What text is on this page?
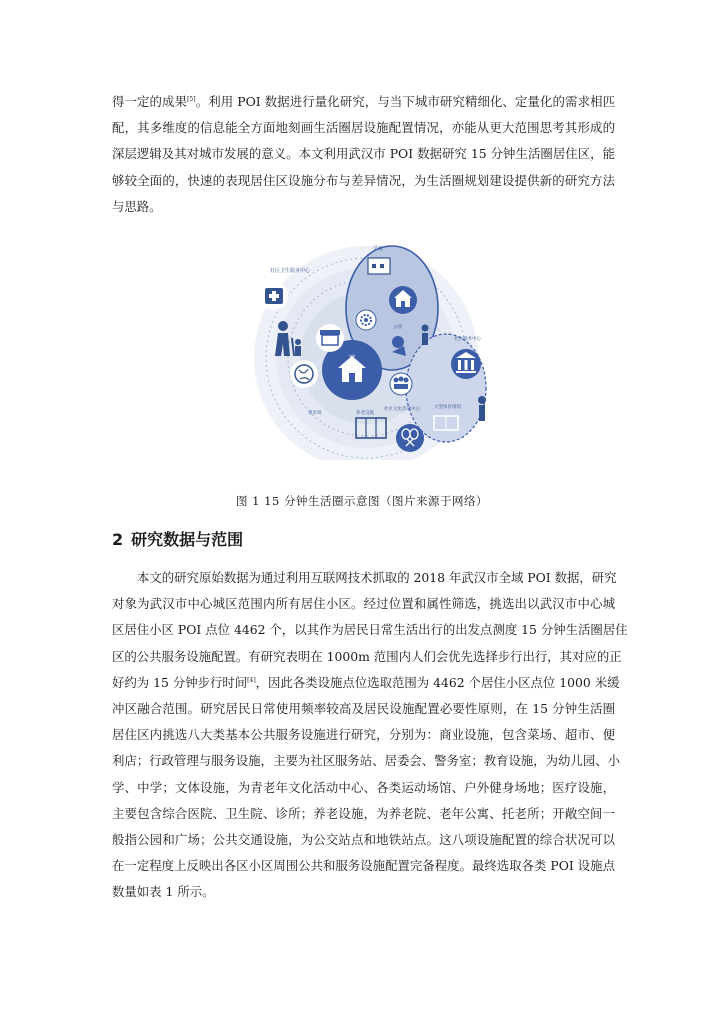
得一定的成果[5]。利用 POI 数据进行量化研究，与当下城市研究精细化、定量化的需求相匹
配，其多维度的信息能全方面地刻画生活圈居设施配置情况，亦能从更大范围思考其形成的
深层逻辑及其对城市发展的意义。本文利用武汉市 POI 数据研究 15 分钟生活圈居住区，能
够较全面的，快速的表现居住区设施分布与差异情况，为生活圈规划建设提供新的研究方法
与思路。
家
学校
社区卫生服务中心
公园
养老设施
社区文化活动中心	大型体育场馆
社区服务中心
菜市场

图 1 15 分钟生活圈示意图（图片来源于网络）

2 研究数据与范围
本文的研究原始数据为通过利用互联网技术抓取的 2018 年武汉市全域 POI 数据，研究
对象为武汉市中心城区范围内所有居住小区。经过位置和属性筛选，挑选出以武汉市中心城
区居住小区 POI 点位 4462 个，以其作为居民日常生活出行的出发点测度 15 分钟生活圈居住
区的公共服务设施配置。有研究表明在 1000m 范围内人们会优先选择步行出行，其对应的正
好约为 15 分钟步行时间[4]，因此各类设施点位选取范围为 4462 个居住小区点位 1000 米缓
冲区融合范围。研究居民日常使用频率较高及居民设施配置必要性原则，在 15 分钟生活圈
居住区内挑选八大类基本公共服务设施进行研究，分别为：商业设施，包含菜场、超市、便
利店；行政管理与服务设施，主要为社区服务站、居委会、警务室；教育设施，为幼儿园、小
学、中学；文体设施，为青老年文化活动中心、各类运动场馆、户外健身场地；医疗设施，
主要包含综合医院、卫生院、诊所；养老设施，为养老院、老年公寓、托老所；开敞空间一
般指公园和广场；公共交通设施，为公交站点和地铁站点。这八项设施配置的综合状况可以
在一定程度上反映出各区小区周围公共和服务设施配置完备程度。最终选取各类 POI 设施点
数量如表 1 所示。
